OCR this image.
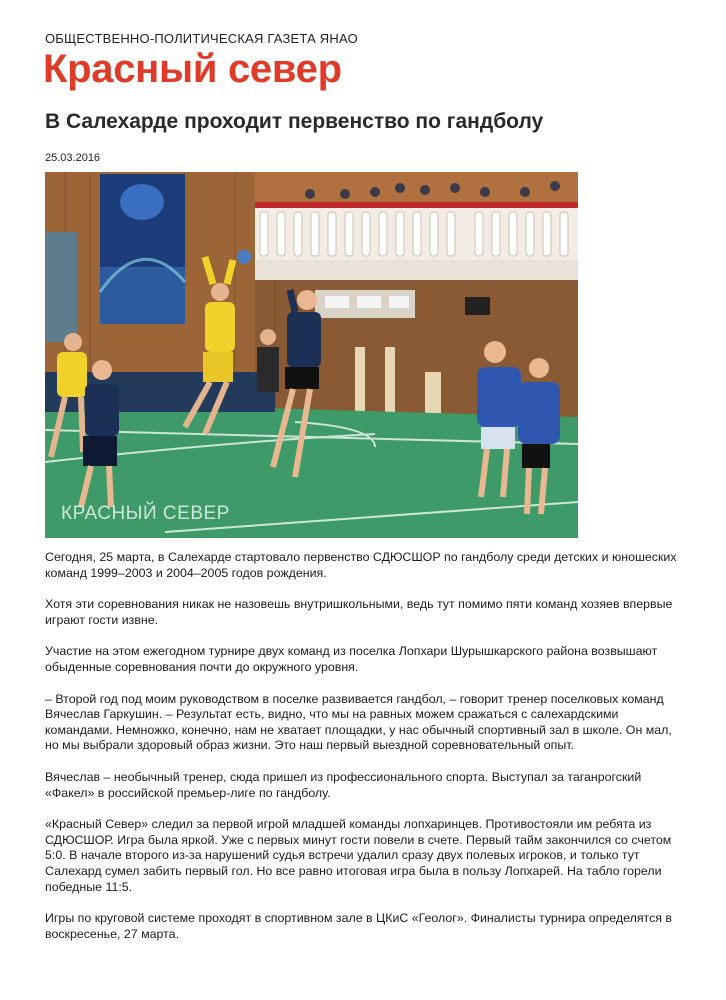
ОБЩЕСТВЕННО-ПОЛИТИЧЕСКАЯ ГАЗЕТА ЯНАО
Красный север
В Салехарде проходит первенство по гандболу
25.03.2016
КРАСНЫЙ СЕВЕР

Сегодня, 25 марта, в Салехарде стартовало первенство СДЮСШОР по гандболу среди детских и юношеских команд 1999–2003 и 2004–2005 годов рождения.

Хотя эти соревнования никак не назовешь внутришкольными, ведь тут помимо пяти команд хозяев впервые играют гости извне.

Участие на этом ежегодном турнире двух команд из поселка Лопхари Шурышкарского района возвышают обыденные соревнования почти до окружного уровня.

– Второй год под моим руководством в поселке развивается гандбол, – говорит тренер поселковых команд Вячеслав Гаркушин. – Результат есть, видно, что мы на равных можем сражаться с салехардскими командами. Немножко, конечно, нам не хватает площадки, у нас обычный спортивный зал в школе. Он мал, но мы выбрали здоровый образ жизни. Это наш первый выездной соревновательный опыт.

Вячеслав – необычный тренер, сюда пришел из профессионального спорта. Выступал за таганрогский «Факел» в российской премьер-лиге по гандболу.

«Красный Север» следил за первой игрой младшей команды лопхаринцев. Противостояли им ребята из СДЮСШОР. Игра была яркой. Уже с первых минут гости повели в счете. Первый тайм закончился со счетом 5:0. В начале второго из-за нарушений судья встречи удалил сразу двух полевых игроков, и только тут Салехард сумел забить первый гол. Но все равно итоговая игра была в пользу Лопхарей. На табло горели победные 11:5.

Игры по круговой системе проходят в спортивном зале в ЦКиС «Геолог». Финалисты турнира определятся в воскресенье, 27 марта.
